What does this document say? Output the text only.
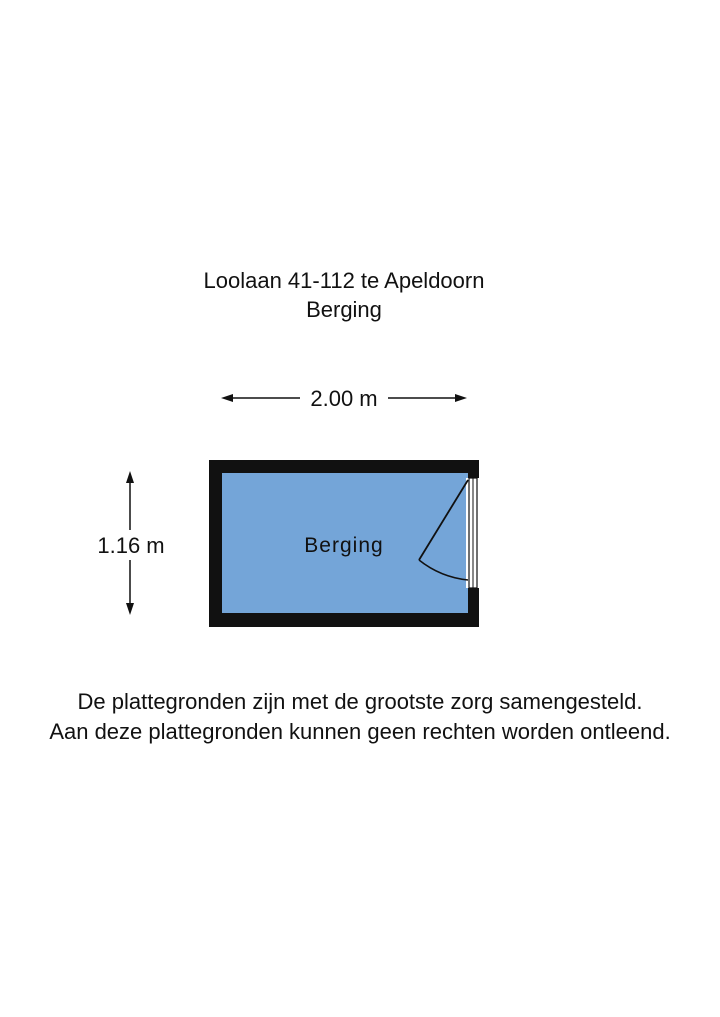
Loolaan 41-112 te Apeldoorn
Berging
2.00 m
1.16 m	Berging
De plattegronden zijn met de grootste zorg samengesteld.
Aan deze plattegronden kunnen geen rechten worden ontleend.
